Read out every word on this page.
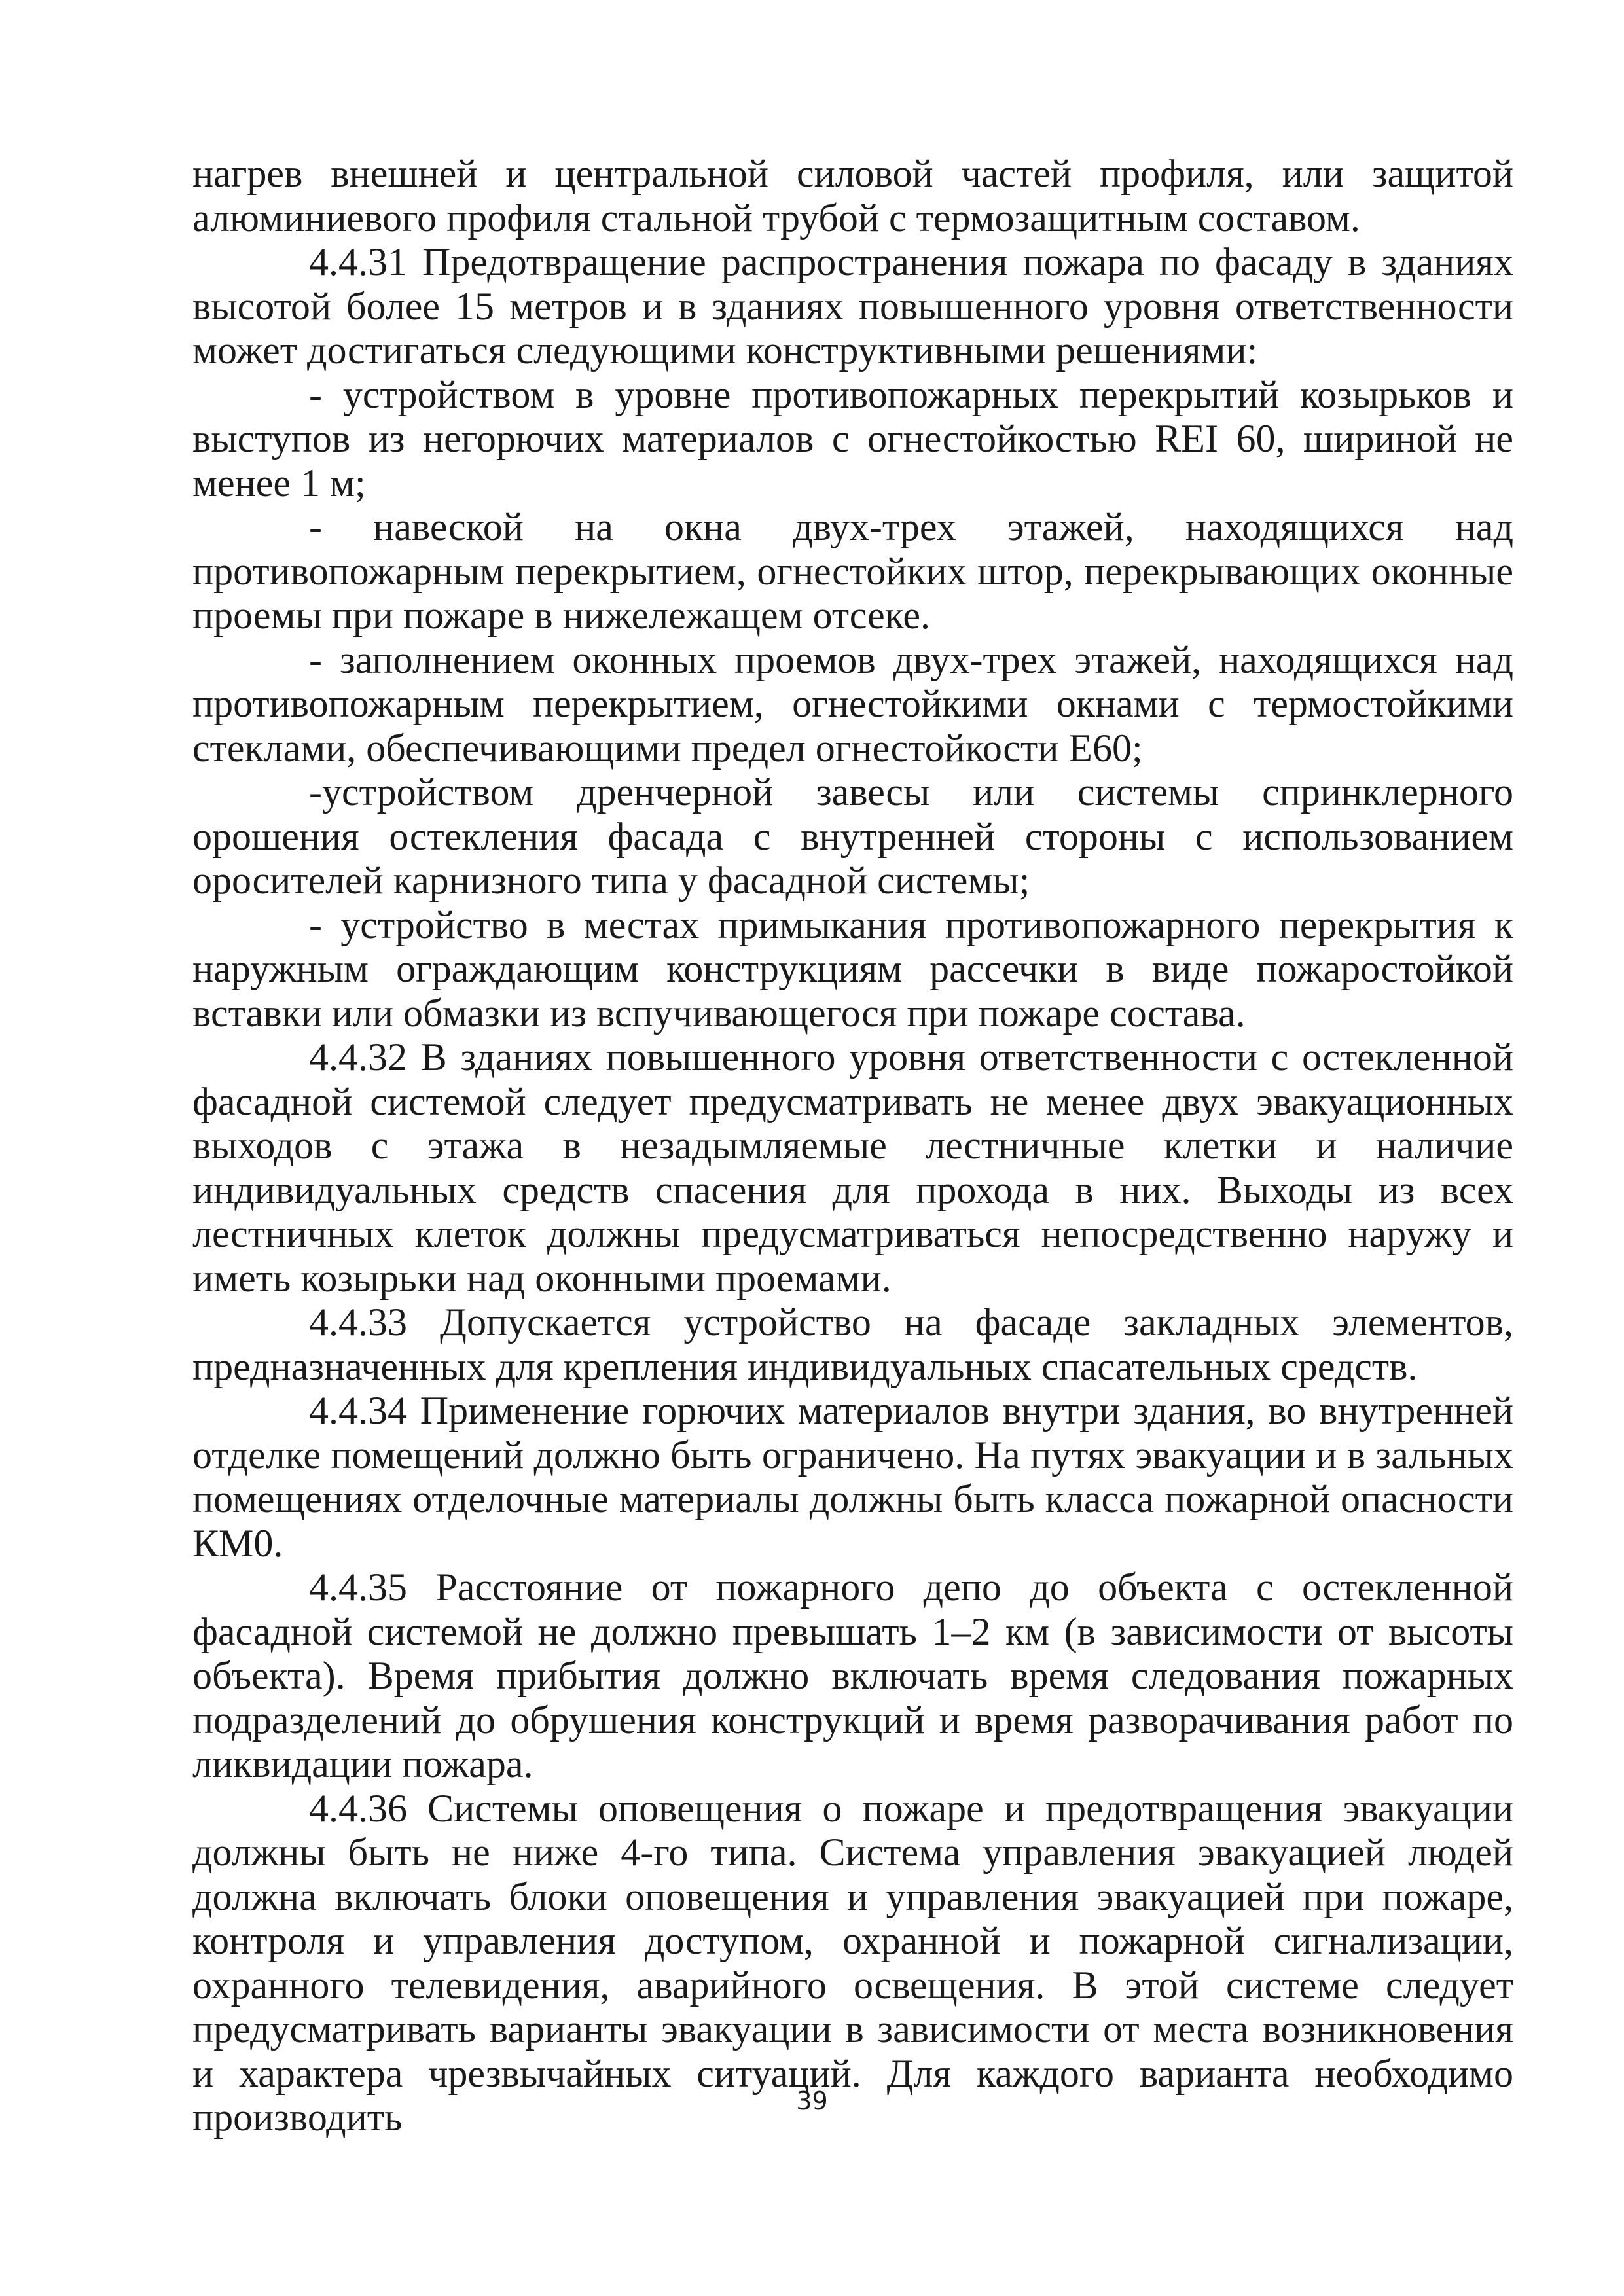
нагрев внешней и центральной силовой частей профиля, или защитой алюминиевого профиля стальной трубой с термозащитным составом.

4.4.31 Предотвращение распространения пожара по фасаду в зданиях высотой более 15 метров и в зданиях повышенного уровня ответственности может достигаться следующими конструктивными решениями:

- устройством в уровне противопожарных перекрытий козырьков и выступов из негорючих материалов с огнестойкостью REI 60, шириной не менее 1 м;

- навеской на окна двух-трех этажей, находящихся над противопожарным перекрытием, огнестойких штор, перекрывающих оконные проемы при пожаре в нижележащем отсеке.

- заполнением оконных проемов двух-трех этажей, находящихся над противопожарным перекрытием, огнестойкими окнами с термостойкими стеклами, обеспечивающими предел огнестойкости Е60;

-устройством дренчерной завесы или системы спринклерного орошения остекления фасада с внутренней стороны с использованием оросителей карнизного типа у фасадной системы;

- устройство в местах примыкания противопожарного перекрытия к наружным ограждающим конструкциям рассечки в виде пожаростойкой вставки или обмазки из вспучивающегося при пожаре состава.

4.4.32 В зданиях повышенного уровня ответственности с остекленной фасадной системой следует предусматривать не менее двух эвакуационных выходов с этажа в незадымляемые лестничные клетки и наличие индивидуальных средств спасения для прохода в них. Выходы из всех лестничных клеток должны предусматриваться непосредственно наружу и иметь козырьки над оконными проемами.

4.4.33 Допускается устройство на фасаде закладных элементов, предназначенных для крепления индивидуальных спасательных средств.

4.4.34 Применение горючих материалов внутри здания, во внутренней отделке помещений должно быть ограничено. На путях эвакуации и в зальных помещениях отделочные материалы должны быть класса пожарной опасности КМ0.

4.4.35 Расстояние от пожарного депо до объекта с остекленной фасадной системой не должно превышать 1–2 км (в зависимости от высоты объекта). Время прибытия должно включать время следования пожарных подразделений до обрушения конструкций и время разворачивания работ по ликвидации пожара.

4.4.36 Системы оповещения о пожаре и предотвращения эвакуации должны быть не ниже 4-го типа. Система управления эвакуацией людей должна включать блоки оповещения и управления эвакуацией при пожаре, контроля и управления доступом, охранной и пожарной сигнализации, охранного телевидения, аварийного освещения. В этой системе следует предусматривать варианты эвакуации в зависимости от места возникновения и характера чрезвычайных ситуаций. Для каждого варианта необходимо производить	39
